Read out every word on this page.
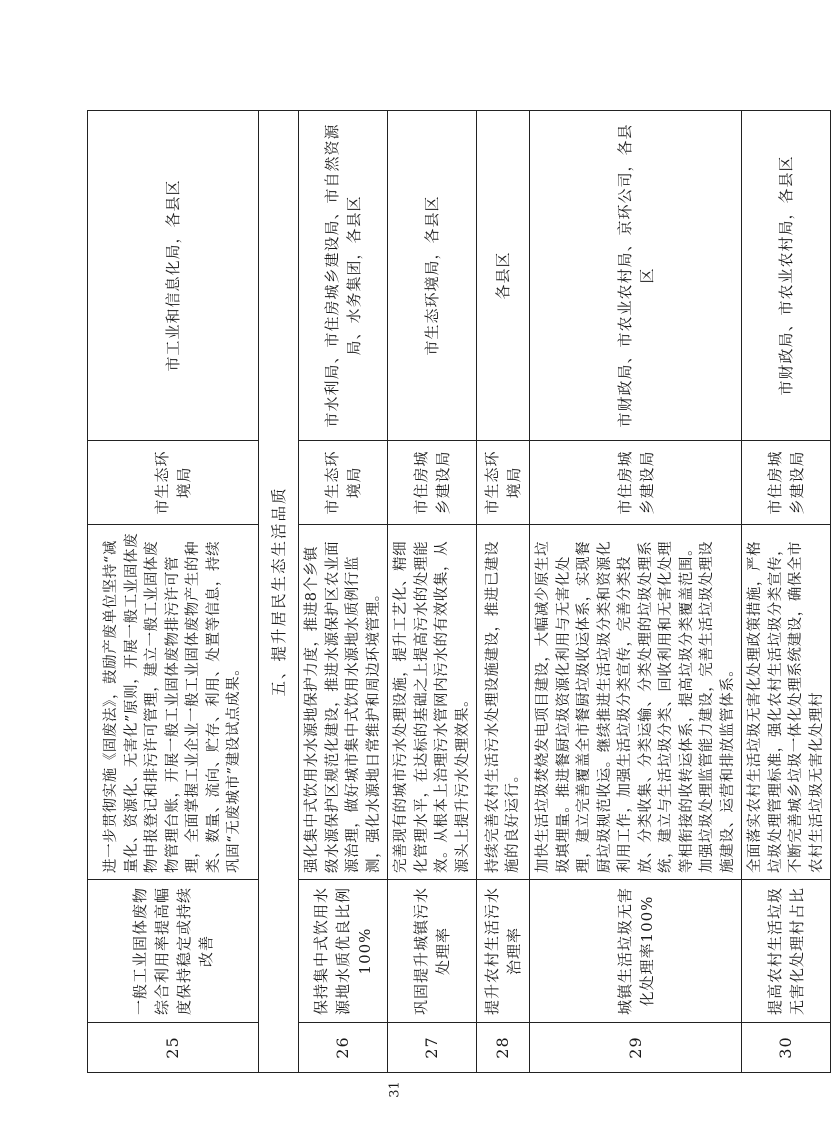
25	一般工业固体废物综合利用率提高幅度保持稳定或持续改善	进一步贯彻实施《固废法》，鼓励产废单位坚持“减量化、资源化、无害化”原则，开展一般工业固体废物申报登记和排污许可管理，建立一般工业固体废物管理台账，开展一般工业固体废物排污许可管理，全面掌握工业企业一般工业固体废物产生的种类、数量、流向、贮存、利用、处置等信息，持续巩固“无废城市”建设试点成果。	市生态环境局	市工业和信息化局，各县区
五、提升居民生态生活品质				
26	保持集中式饮用水源地水质优良比例100%	强化集中式饮用水水源地保护力度，推进8个乡镇级水源保护区规范化建设，推进水源保护区农业面源治理，做好城市集中式饮用水源地水质例行监测，强化水源地日常维护和周边环境管理。	市生态环境局	市水利局、市住房城乡建设局、市自然资源局、水务集团，各县区
27	巩固提升城镇污水处理率	完善现有的城市污水处理设施，提升工艺化、精细化管理水平，在达标的基础之上提高污水的处理能效。从根本上治理污水管网内污水的有效收集，从源头上提升污水处理效果。	市住房城乡建设局	市生态环境局，各县区
28	提升农村生活污水治理率	持续完善农村生活污水处理设施建设，推进已建设施的良好运行。	市生态环境局	各县区
29	城镇生活垃圾无害化处理率100%	加快生活垃圾焚烧发电项目建设，大幅减少原生垃圾填埋量。推进餐厨垃圾资源化利用与无害化处理，建立完善覆盖全市餐厨垃圾收运体系，实现餐厨垃圾规范收运。继续推进生活垃圾分类和资源化利用工作，加强生活垃圾分类宣传，完善分类投放、分类收集、分类运输、分类处理的垃圾处理系统，建立与生活垃圾分类、回收利用和无害化处理等相衔接的收转运体系，提高垃圾分类覆盖范围。加强垃圾处理监管能力建设，完善生活垃圾处理设施建设、运营和排放监管体系。	市住房城乡建设局	市财政局、市农业农村局、京环公司，各县区
30	提高农村生活垃圾无害化处理村占比	全面落实农村生活垃圾无害化处理政策措施，严格垃圾处理管理标准，强化农村生活垃圾分类宣传，不断完善城乡垃圾一体化处理系统建设，确保全市农村生活垃圾无害化处理村	市住房城乡建设局	市财政局、市农业农村局，各县区
31
